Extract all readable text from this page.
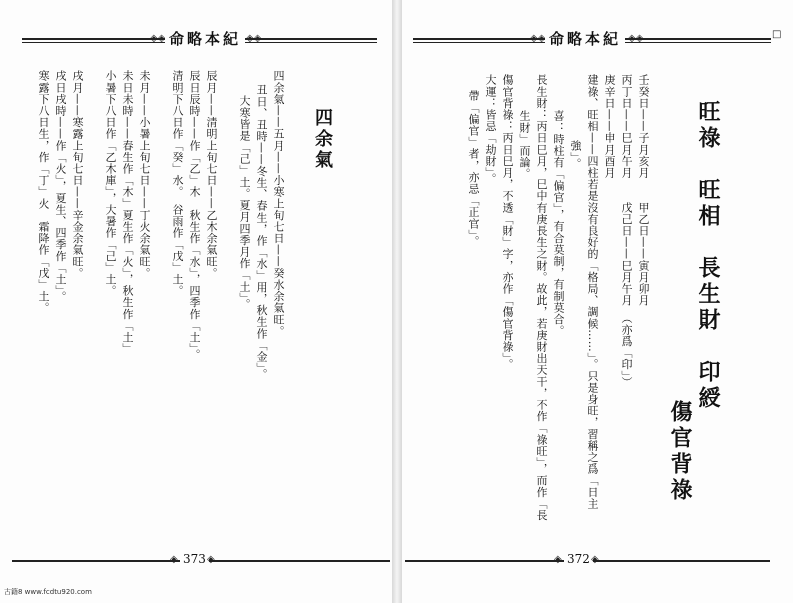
◈◈ 命略本紀 ◈◈	◈◈ 命略本紀 ◈◈	□
◈ 373 ◈	◈ 372 ◈
四余氣
四余氣——五月——小寒上旬七日——癸水余氣旺。
丑日、丑時——冬生、春生，作「水」用，秋生作「金」。
大寒皆是「己」土。夏月四季月作「土」。
辰月——清明上旬七日——乙木余氣旺。
辰日辰時——作「乙」木　秋生作「水」，四季作「土」。
清明下八日作「癸」水。　谷雨作「戊」土。
未月——小暑上旬七日——丁火余氣旺。
未日未時——春生作「木」夏生作「火」，秋生作「土」
小暑下八日作「乙木庫」，大暑作「己」土。
戌月——寒露上旬七日——辛金余氣旺。
戌日戌時——作「火」，夏生、四季作「土」。
寒露下八日生，作「丁」火　霜降作「戊」土。	旺祿　旺相　長生財　印綬
傷官背祿
壬癸日——子月亥月　　甲乙日——寅月卯月
丙丁日——巳月午月　　戊己日——巳月午月　（亦爲「印」）
庚辛日——申月酉月
建祿、旺相——四柱若是沒有良好的「格局、調候……」。只是身旺，習稱之爲「日主
強」。
喜：時柱有「偏官」，有合莫制，有制莫合。
長生財：丙日巳月，巳中有庚長生之財。故此，若庚財出天干，不作「祿旺」，而作「長
生財」而論。
傷官背祿：丙日巳月，不透「財」字，亦作「傷官背祿」。
大運：皆忌「劫財」。
帶「偏官」者，亦忌「正官」。
古籍8 www.fcdtu920.com
